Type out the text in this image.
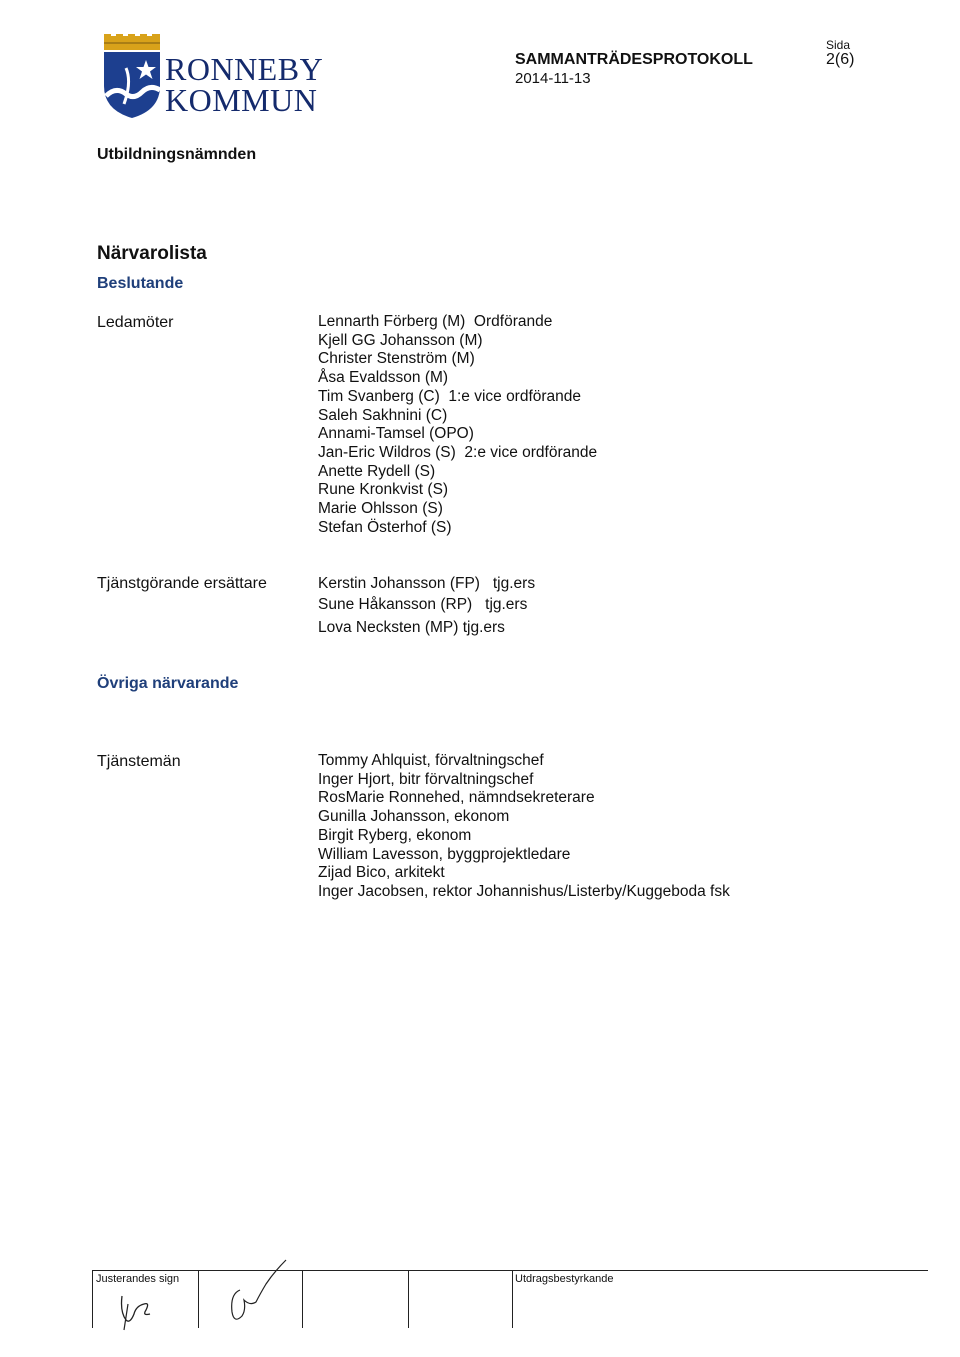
RONNEBY
KOMMUN
SAMMANTRÄDESPROTOKOLL
2014-11-13
Sida
2(6)
Utbildningsnämnden
Närvarolista
Beslutande
Ledamöter	Lennarth Förberg (M)  Ordförande
Kjell GG Johansson (M)
Christer Stenström (M)
Åsa Evaldsson (M)
Tim Svanberg (C)  1:e vice ordförande
Saleh Sakhnini (C)
Annami-Tamsel (OPO)
Jan-Eric Wildros (S)  2:e vice ordförande
Anette Rydell (S)
Rune Kronkvist (S)
Marie Ohlsson (S)
Stefan Österhof (S)
Tjänstgörande ersättare	Kerstin Johansson (FP)   tjg.ers
Sune Håkansson (RP)   tjg.ers
Lova Necksten (MP) tjg.ers
Övriga närvarande
Tjänstemän	Tommy Ahlquist, förvaltningschef
Inger Hjort, bitr förvaltningschef
RosMarie Ronnehed, nämndsekreterare
Gunilla Johansson, ekonom
Birgit Ryberg, ekonom
William Lavesson, byggprojektledare
Zijad Bico, arkitekt
Inger Jacobsen, rektor Johannishus/Listerby/Kuggeboda fsk
Justerandes sign	Utdragsbestyrkande
